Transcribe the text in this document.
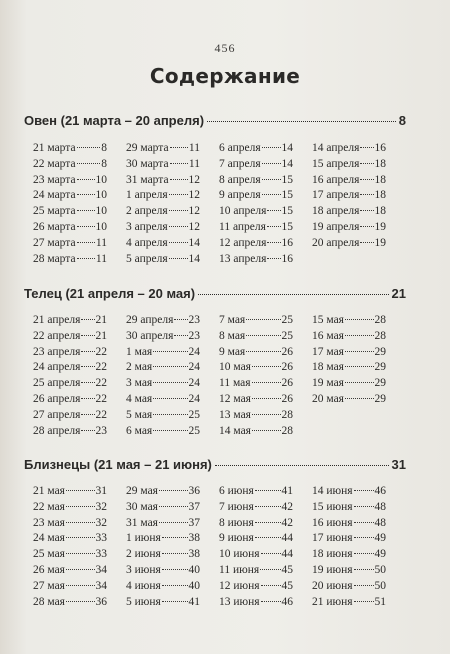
456
Содержание
Овен (21 марта – 20 апреля)	8
21 марта 8
22 марта 8
23 марта 10
24 марта 10
25 марта 10
26 марта 10
27 марта 11
28 марта 11
29 марта 11
30 марта 11
31 марта 12
1 апреля 12
2 апреля 12
3 апреля 12
4 апреля 14
5 апреля 14
6 апреля 14
7 апреля 14
8 апреля 15
9 апреля 15
10 апреля 15
11 апреля 15
12 апреля 16
13 апреля 16
14 апреля 16
15 апреля 18
16 апреля 18
17 апреля 18
18 апреля 18
19 апреля 19
20 апреля 19
Телец (21 апреля – 20 мая)	21
21 апреля 21
22 апреля 21
23 апреля 22
24 апреля 22
25 апреля 22
26 апреля 22
27 апреля 22
28 апреля 23
29 апреля 23
30 апреля 23
1 мая	24
2 мая	24
3 мая	24
4 мая	24
5 мая	25
6 мая	25
7 мая	25
8 мая	25
9 мая	26
10 мая	26
11 мая	26
12 мая	26
13 мая	28
14 мая	28
15 мая	28
16 мая	28
17 мая	29
18 мая	29
19 мая	29
20 мая	29
Близнецы (21 мая – 21 июня)	31
21 мая	31
22 мая	32
23 мая	32
24 мая	33
25 мая	33
26 мая	34
27 мая	34
28 мая	36
29 мая	36
30 мая	37
31 мая	37
1 июня 38
2 июня 38
3 июня 40
4 июня 40
5 июня 41
6 июня 41
7 июня 42
8 июня 42
9 июня 44
10 июня 44
11 июня 45
12 июня 45
13 июня 46
14 июня 46
15 июня 48
16 июня 48
17 июня 49
18 июня 49
19 июня 50
20 июня 50
21 июня 51
